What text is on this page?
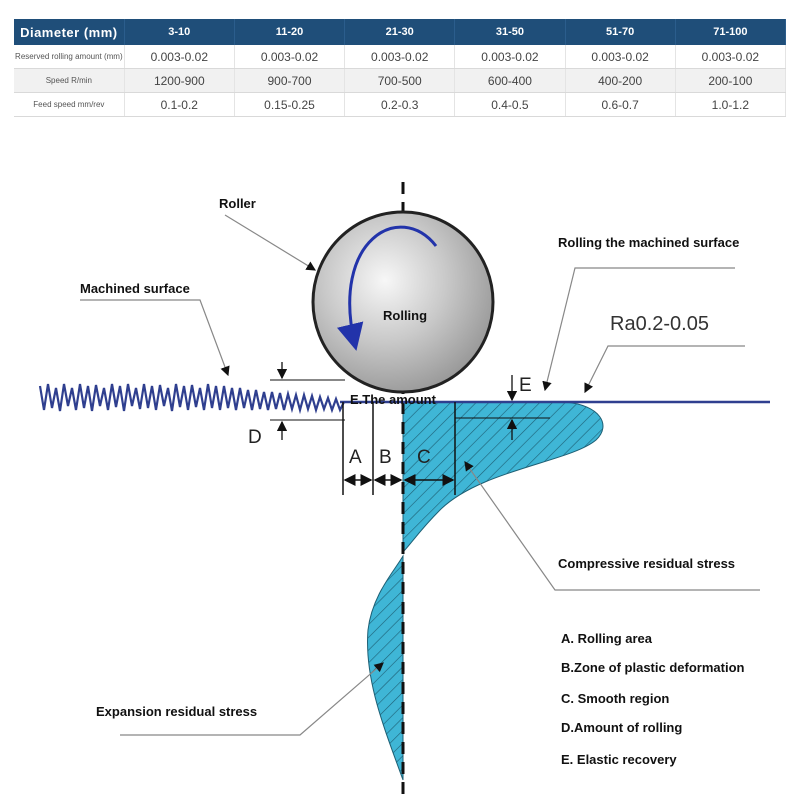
Diameter (mm)	3-10	11-20	21-30	31-50	51-70	71-100
Reserved rolling amount (mm)	0.003-0.02	0.003-0.02	0.003-0.02	0.003-0.02	0.003-0.02	0.003-0.02
Speed R/min	1200-900	900-700	700-500	600-400	400-200	200-100
Feed speed mm/rev	0.1-0.2	0.15-0.25	0.2-0.3	0.4-0.5	0.6-0.7	1.0-1.2
A B C
D
E
Roller
Rolling
Machined surface
Rolling the machined surface
Ra0.2-0.05
E.The amount
Compressive residual stress
Expansion residual stress
A. Rolling area
B.Zone of plastic deformation
C. Smooth region
D.Amount of rolling
E. Elastic recovery
